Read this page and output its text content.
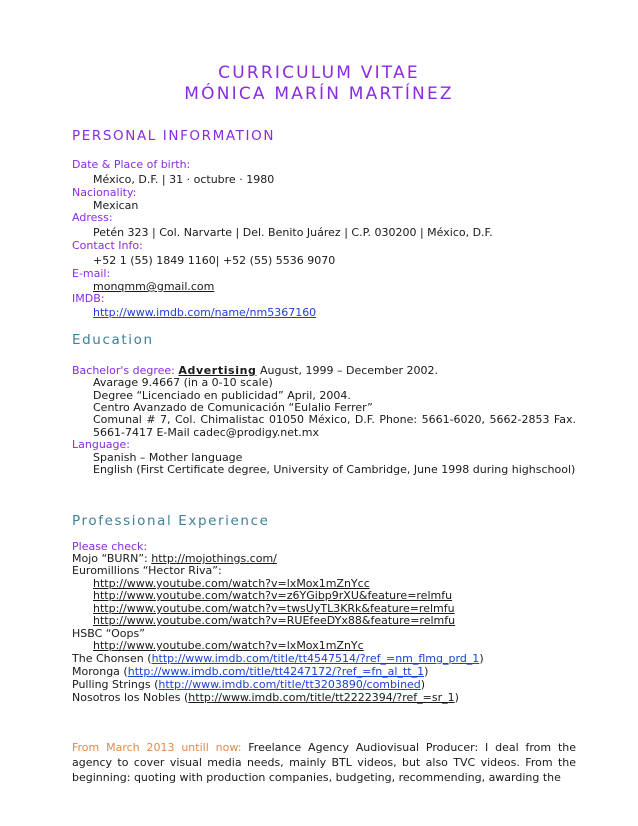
CURRICULUM VITAE
MÓNICA MARÍN MARTÍNEZ
PERSONAL INFORMATION
Date & Place of birth:
México, D.F. | 31 · octubre · 1980
Nacionality:
Mexican
Adress:
Petén 323 | Col. Narvarte | Del. Benito Juárez | C.P. 030200 | México, D.F.
Contact Info:
+52 1 (55) 1849 1160| +52 (55) 5536 9070
E-mail:
monqmm@gmail.com
IMDB:
http://www.imdb.com/name/nm5367160
Education
Bachelor's degree: Advertising August, 1999 – December 2002.
Avarage 9.4667 (in a 0-10 scale)
Degree “Licenciado en publicidad” April, 2004.
Centro Avanzado de Comunicación “Eulalio Ferrer”
Comunal # 7, Col. Chimalistac 01050 México, D.F. Phone: 5661-6020, 5662-2853 Fax. 5661-7417 E-Mail cadec@prodigy.net.mx
Language:
Spanish – Mother language
English (First Certificate degree, University of Cambridge, June 1998 during highschool)
Professional Experience
Please check:
Mojo “BURN”: http://mojothings.com/
Euromillions “Hector Riva”:
http://www.youtube.com/watch?v=lxMox1mZnYcc
http://www.youtube.com/watch?v=z6YGibp9rXU&feature=relmfu
http://www.youtube.com/watch?v=twsUyTL3KRk&feature=relmfu
http://www.youtube.com/watch?v=RUEfeeDYx88&feature=relmfu
HSBC “Oops”
http://www.youtube.com/watch?v=lxMox1mZnYc
The Chonsen (http://www.imdb.com/title/tt4547514/?ref_=nm_flmg_prd_1)
Moronga (http://www.imdb.com/title/tt4247172/?ref_=fn_al_tt_1)
Pulling Strings (http://www.imdb.com/title/tt3203890/combined)
Nosotros los Nobles (http://www.imdb.com/title/tt2222394/?ref_=sr_1)
From March 2013 untill now: Freelance Agency Audiovisual Producer: I deal from the agency to cover visual media needs, mainly BTL videos, but also TVC videos. From the beginning: quoting with production companies, budgeting, recommending, awarding the
